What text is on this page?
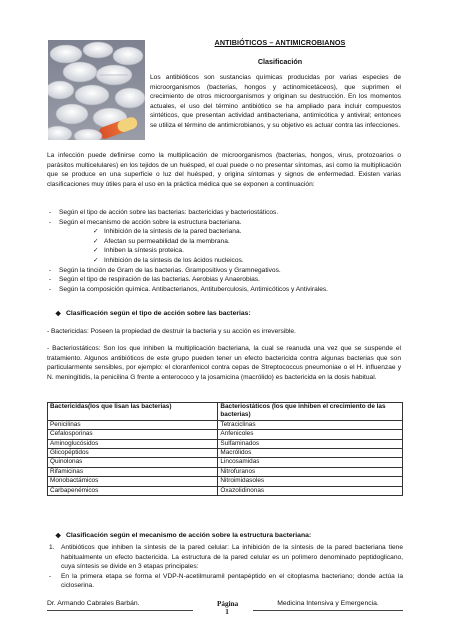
ANTIBIÓTICOS – ANTIMICROBIANOS
Clasificación
Los antibióticos son sustancias químicas producidas por varias especies de microorganismos (bacterias, hongos y actinomicetáceos), que suprimen el crecimiento de otros microorganismos y originan su destrucción. En los momentos actuales, el uso del término antibiótico se ha ampliado para incluir compuestos sintéticos, que presentan actividad antibacteriana, antimicótica y antiviral; entonces se utiliza el término de antimicrobianos, y su objetivo es actuar contra las infecciones.
La infección puede definirse como la multiplicación de microorganismos (bacterias, hongos, virus, protozoarios o parásitos multicelulares) en los tejidos de un huésped, el cual puede o no presentar síntomas, así como la multiplicación que se produce en una superficie o luz del huésped, y origina síntomas y signos de enfermedad. Existen varias clasificaciones muy útiles para el uso en la práctica médica que se exponen a continuación:
- Según el tipo de acción sobre las bacterias: bactericidas y bacteriostáticos.
- Según el mecanismo de acción sobre la estructura bacteriana.
✓ Inhibición de la síntesis de la pared bacteriana.
✓ Afectan su permeabilidad de la membrana.
✓ Inhiben la síntesis proteica.
✓ Inhibición de la síntesis de los ácidos nucleicos.
- Según la tinción de Gram de las bacterias. Grampositivos y Gramnegativos.
- Según el tipo de respiración de las bacterias. Aerobias y Anaerobias.
- Según la composición química. Antibacterianos, Antituberculosis, Antimicóticos y Antivirales.
❖ Clasificación según el tipo de acción sobre las bacterias:
- Bactericidas: Poseen la propiedad de destruir la bacteria y su acción es irreversible.
- Bacteriostáticos: Son los que inhiben la multiplicación bacteriana, la cual se reanuda una vez que se suspende el tratamiento. Algunos antibióticos de este grupo pueden tener un efecto bactericida contra algunas bacterias que son particularmente sensibles, por ejemplo: el cloranfenicol contra cepas de Streptococcus pneumoniae o el H. influenzae y N. meningitidis, la penicilina G frente a enterococo y la josamicina (macrólido) es bactericida en la dosis habitual.
Bactericidas(los que lisan las bacterias)	Bacteriostáticos (los que inhiben el crecimiento de las bacterias)
Penicilinas	Tetraciclinas
Cefalosporinas	Anfenicoles
Aminoglucósidos	Sulfaminados
Glicopéptidos	Macrólidos
Quinolonas	Lincosamidas
Rifamicinas	Nitrofuranos
Monobactámicos	Nitroimidasoles
Carbapenémicos	Oxazolidinonas
❖ Clasificación según el mecanismo de acción sobre la estructura bacteriana:
1. Antibióticos que inhiben la síntesis de la pared celular: La inhibición de la síntesis de la pared bacteriana tiene habitualmente un efecto bactericida. La estructura de la pared celular es un polímero denominado peptidoglicano, cuya síntesis se divide en 3 etapas principales:
- En la primera etapa se forma el VDP-N-acetilmuramil pentapéptido en el citoplasma bacteriano; donde actúa la cicloserina.
Dr. Armando Cabrales Barbán.	Página 1
Medicina Intensiva y Emergencia.
